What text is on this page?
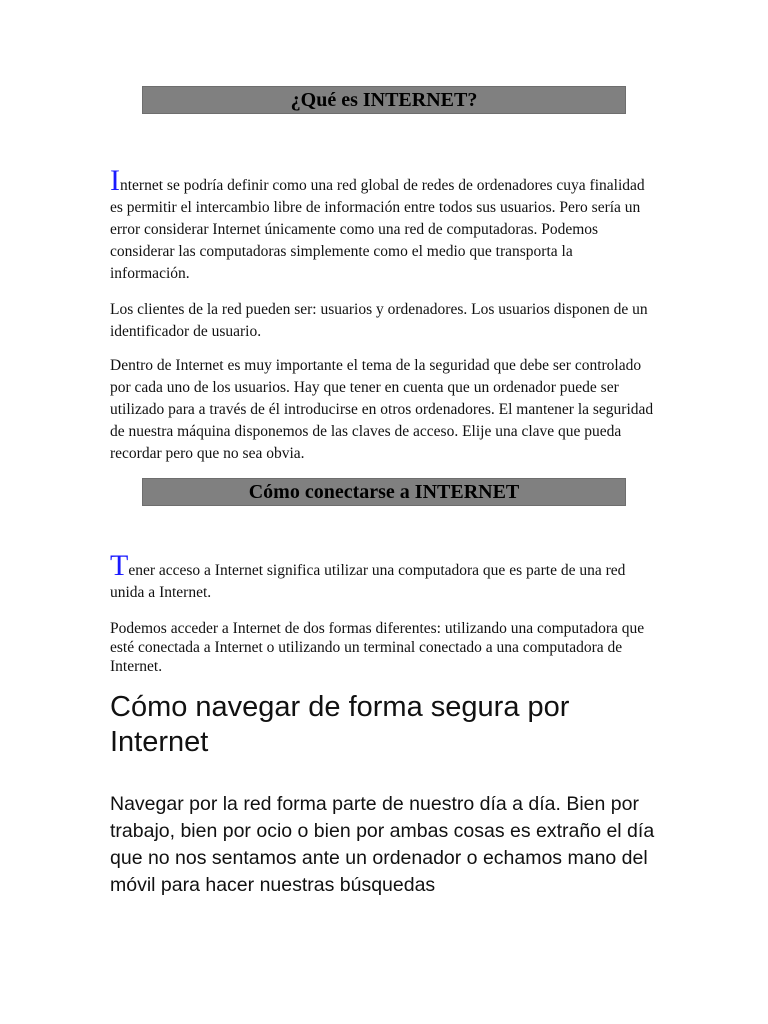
¿Qué es INTERNET?

Internet se podría definir como una red global de redes de ordenadores cuya finalidad es permitir el intercambio libre de información entre todos sus usuarios. Pero sería un error considerar Internet únicamente como una red de computadoras. Podemos considerar las computadoras simplemente como el medio que transporta la información.

Los clientes de la red pueden ser: usuarios y ordenadores. Los usuarios disponen de un identificador de usuario.

Dentro de Internet es muy importante el tema de la seguridad que debe ser controlado por cada uno de los usuarios. Hay que tener en cuenta que un ordenador puede ser utilizado para a través de él introducirse en otros ordenadores. El mantener la seguridad de nuestra máquina disponemos de las claves de acceso. Elije una clave que pueda recordar pero que no sea obvia.

Cómo conectarse a INTERNET

Tener acceso a Internet significa utilizar una computadora que es parte de una red unida a Internet.

Podemos acceder a Internet de dos formas diferentes: utilizando una computadora que esté conectada a Internet o utilizando un terminal conectado a una computadora de Internet.

Cómo navegar de forma segura por Internet

Navegar por la red forma parte de nuestro día a día. Bien por trabajo, bien por ocio o bien por ambas cosas es extraño el día que no nos sentamos ante un ordenador o echamos mano del móvil para hacer nuestras búsquedas
